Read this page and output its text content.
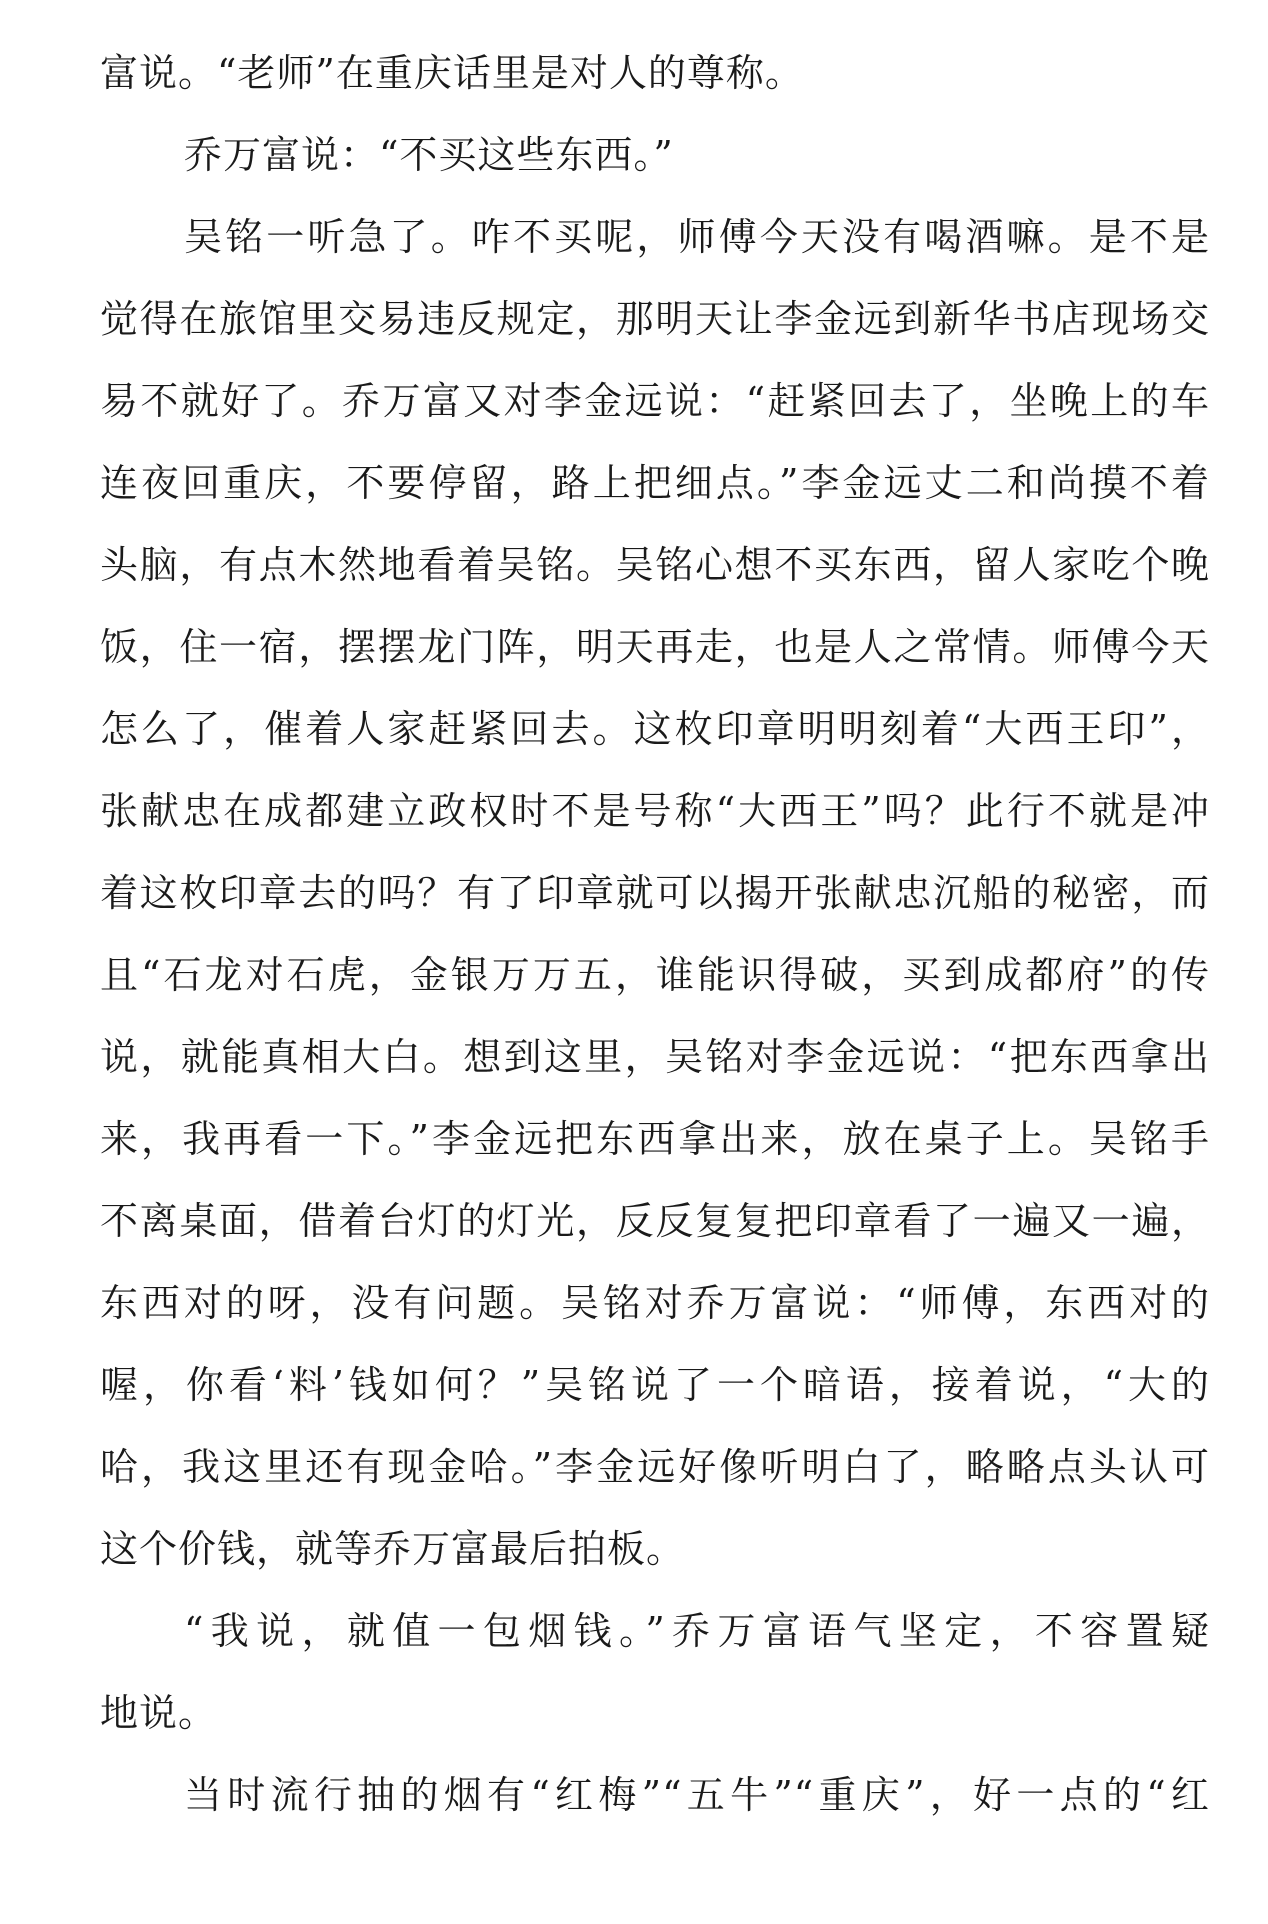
富说。“老师”在重庆话里是对人的尊称。
乔万富说：“不买这些东西。”
吴铭一听急了。咋不买呢，师傅今天没有喝酒嘛。是不是
觉得在旅馆里交易违反规定，那明天让李金远到新华书店现场交
易不就好了。乔万富又对李金远说：“赶紧回去了，坐晚上的车
连夜回重庆，不要停留，路上把细点。”李金远丈二和尚摸不着
头脑，有点木然地看着吴铭。吴铭心想不买东西，留人家吃个晚
饭，住一宿，摆摆龙门阵，明天再走，也是人之常情。师傅今天
怎么了，催着人家赶紧回去。这枚印章明明刻着“大西王印”，
张献忠在成都建立政权时不是号称“大西王”吗？此行不就是冲
着这枚印章去的吗？有了印章就可以揭开张献忠沉船的秘密，而
且“石龙对石虎，金银万万五，谁能识得破，买到成都府”的传
说，就能真相大白。想到这里，吴铭对李金远说：“把东西拿出
来，我再看一下。”李金远把东西拿出来，放在桌子上。吴铭手
不离桌面，借着台灯的灯光，反反复复把印章看了一遍又一遍，
东西对的呀，没有问题。吴铭对乔万富说：“师傅，东西对的
喔，你看‘料’钱如何？”吴铭说了一个暗语，接着说，“大的
哈，我这里还有现金哈。”李金远好像听明白了，略略点头认可
这个价钱，就等乔万富最后拍板。
“我说，就值一包烟钱。”乔万富语气坚定，不容置疑
地说。
当时流行抽的烟有“红梅”“五牛”“重庆”，好一点的“红
